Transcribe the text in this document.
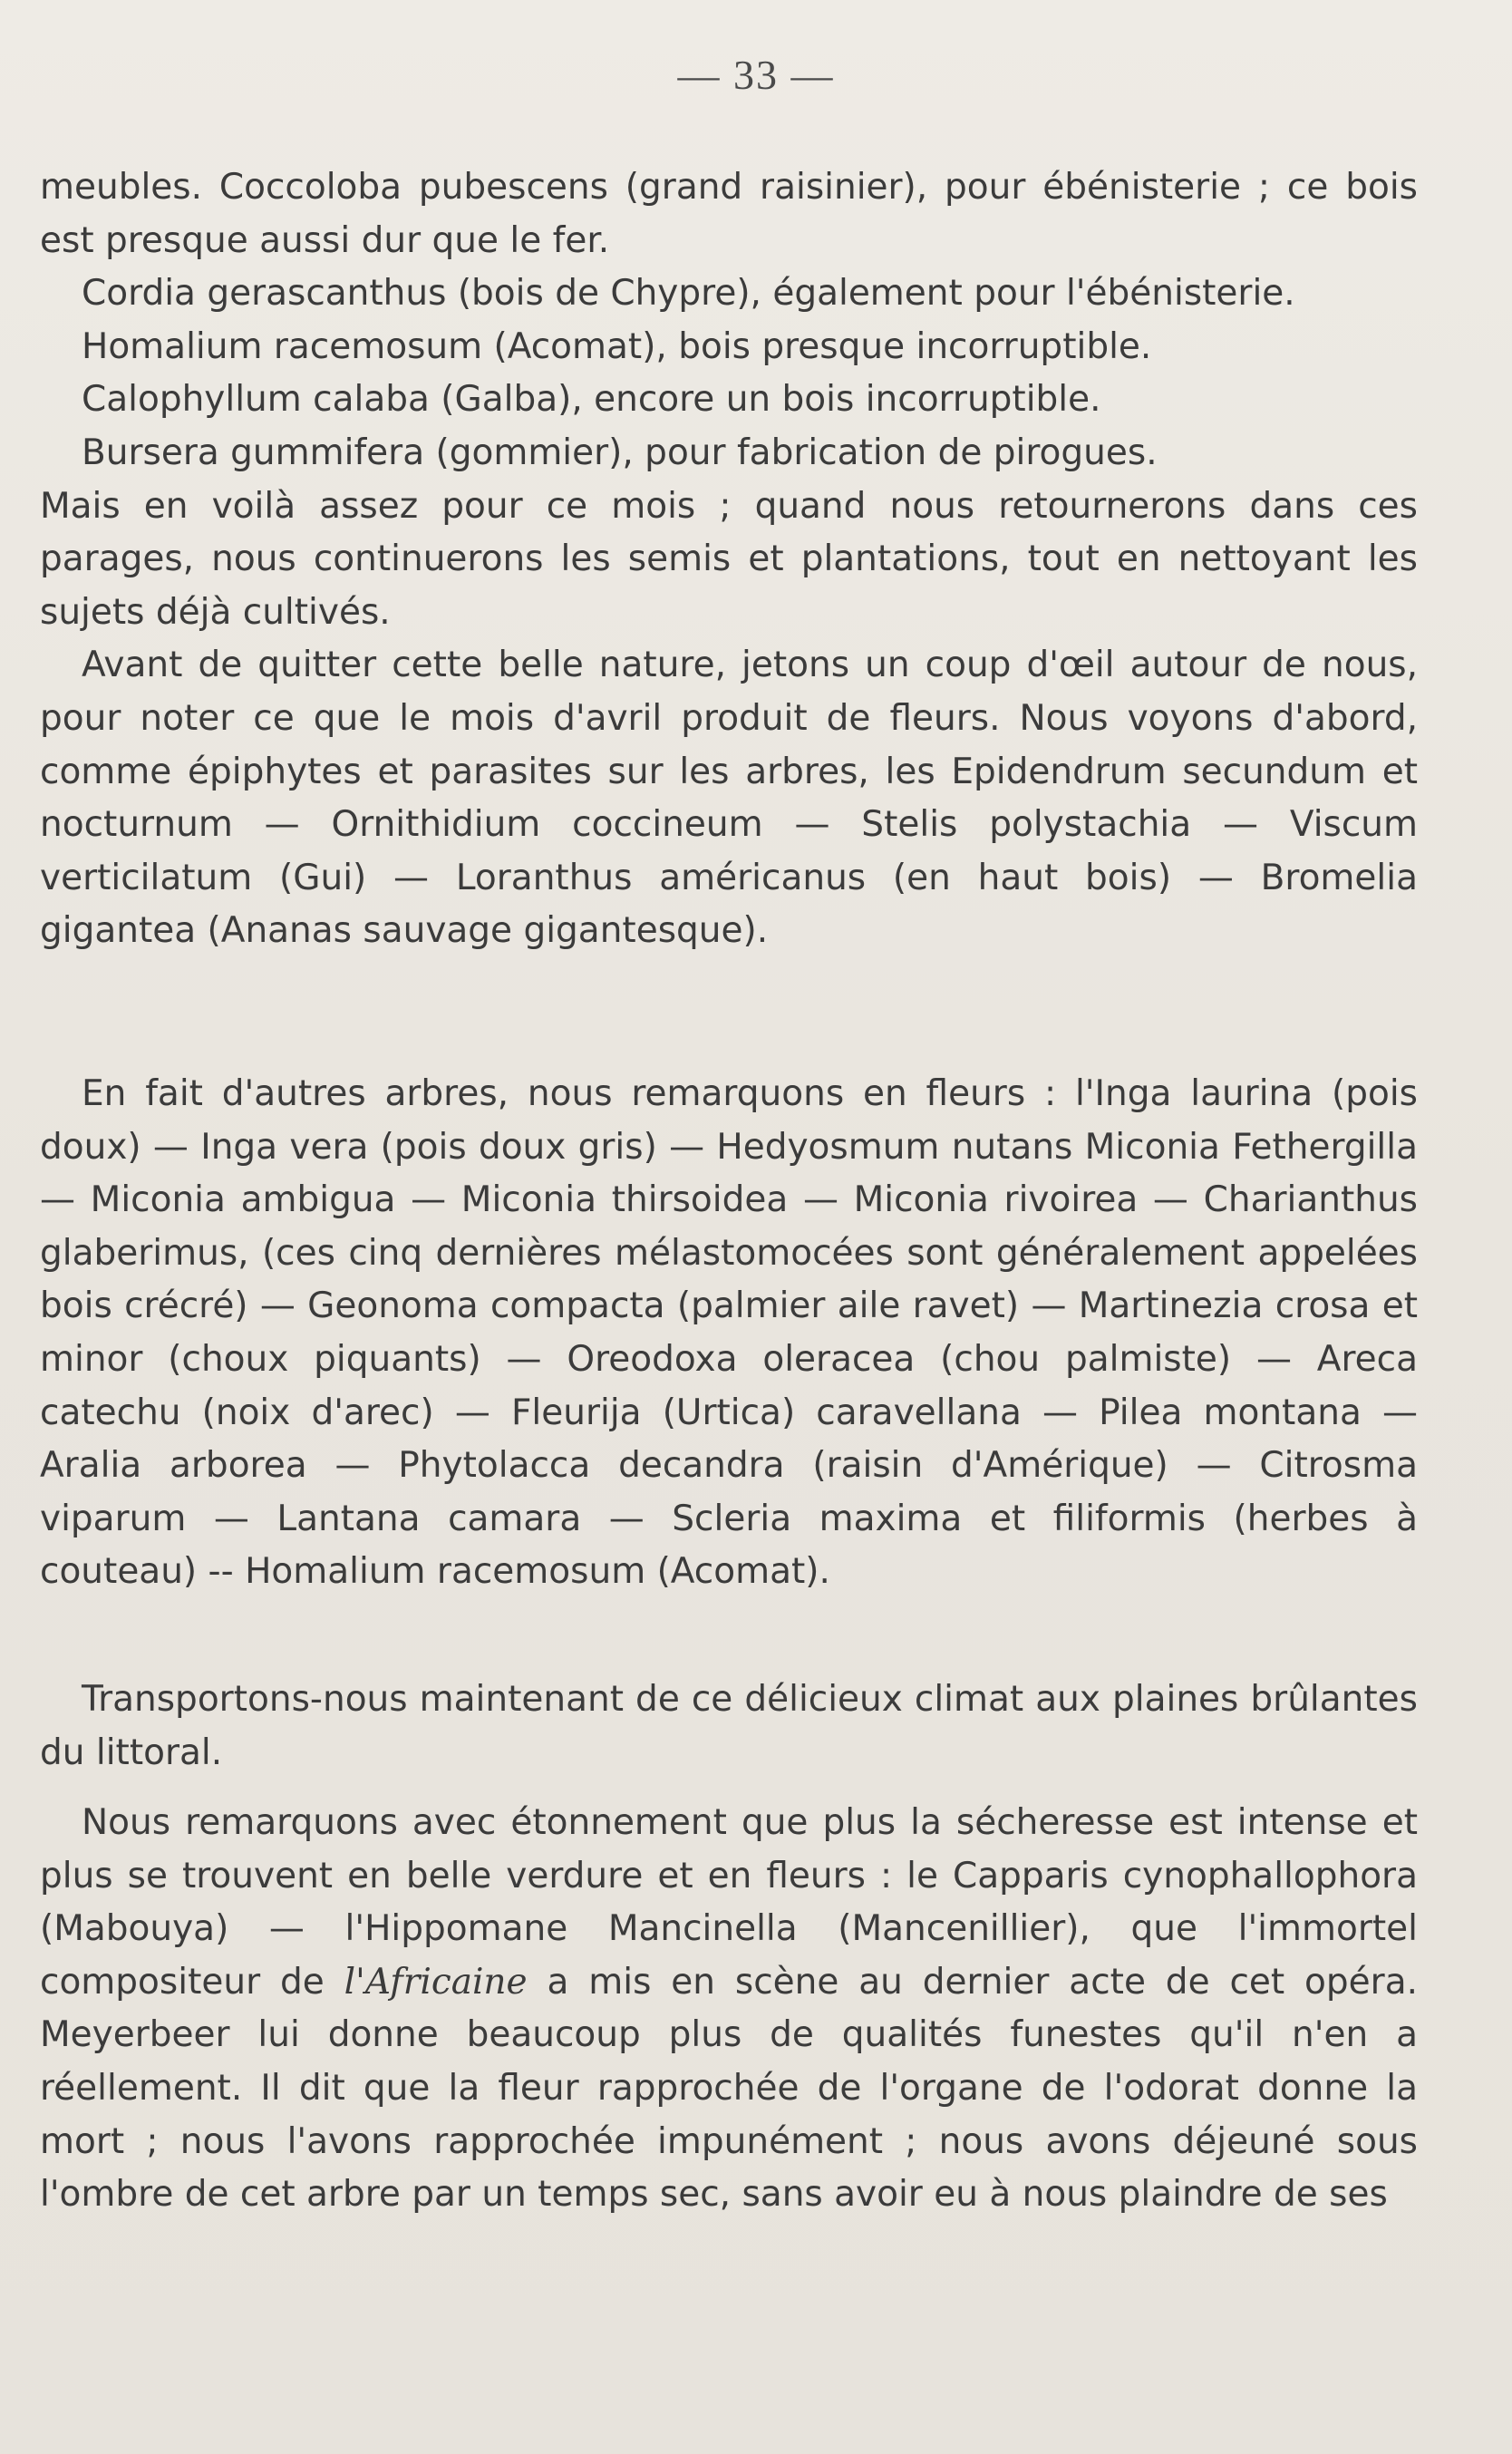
— 33 —

meubles. Coccoloba pubescens (grand raisinier), pour ébénisterie ; ce bois est presque aussi dur que le fer.

Cordia gerascanthus (bois de Chypre), également pour l'ébénisterie.

Homalium racemosum (Acomat), bois presque incorruptible.

Calophyllum calaba (Galba), encore un bois incorruptible.

Bursera gummifera (gommier), pour fabrication de pirogues.

Mais en voilà assez pour ce mois ; quand nous retournerons dans ces parages, nous continuerons les semis et plantations, tout en nettoyant les sujets déjà cultivés.

Avant de quitter cette belle nature, jetons un coup d'œil autour de nous, pour noter ce que le mois d'avril produit de fleurs. Nous voyons d'abord, comme épiphytes et parasites sur les arbres, les Epidendrum secundum et nocturnum — Ornithidium coccineum — Stelis polystachia — Viscum verticilatum (Gui) — Loranthus américanus (en haut bois) — Bromelia gigantea (Ananas sauvage gigantesque).

En fait d'autres arbres, nous remarquons en fleurs : l'Inga laurina (pois doux) — Inga vera (pois doux gris) — Hedyosmum nutans Miconia Fethergilla — Miconia ambigua — Miconia thirsoidea — Miconia rivoirea — Charianthus glaberimus, (ces cinq dernières mélastomocées sont généralement appelées bois crécré) — Geonoma compacta (palmier aile ravet) — Martinezia crosa et minor (choux piquants) — Oreodoxa oleracea (chou palmiste) — Areca catechu (noix d'arec) — Fleurija (Urtica) caravellana — Pilea montana — Aralia arborea — Phytolacca decandra (raisin d'Amérique) — Citrosma viparum — Lantana camara — Scleria maxima et filiformis (herbes à couteau) -- Homalium racemosum (Acomat).

Transportons-nous maintenant de ce délicieux climat aux plaines brûlantes du littoral.

Nous remarquons avec étonnement que plus la sécheresse est intense et plus se trouvent en belle verdure et en fleurs : le Capparis cynophallophora (Mabouya) — l'Hippomane Mancinella (Mancenillier), que l'immortel compositeur de l'Africaine a mis en scène au dernier acte de cet opéra. Meyerbeer lui donne beaucoup plus de qualités funestes qu'il n'en a réellement. Il dit que la fleur rapprochée de l'organe de l'odorat donne la mort ; nous l'avons rapprochée impunément ; nous avons déjeuné sous l'ombre de cet arbre par un temps sec, sans avoir eu à nous plaindre de ses
